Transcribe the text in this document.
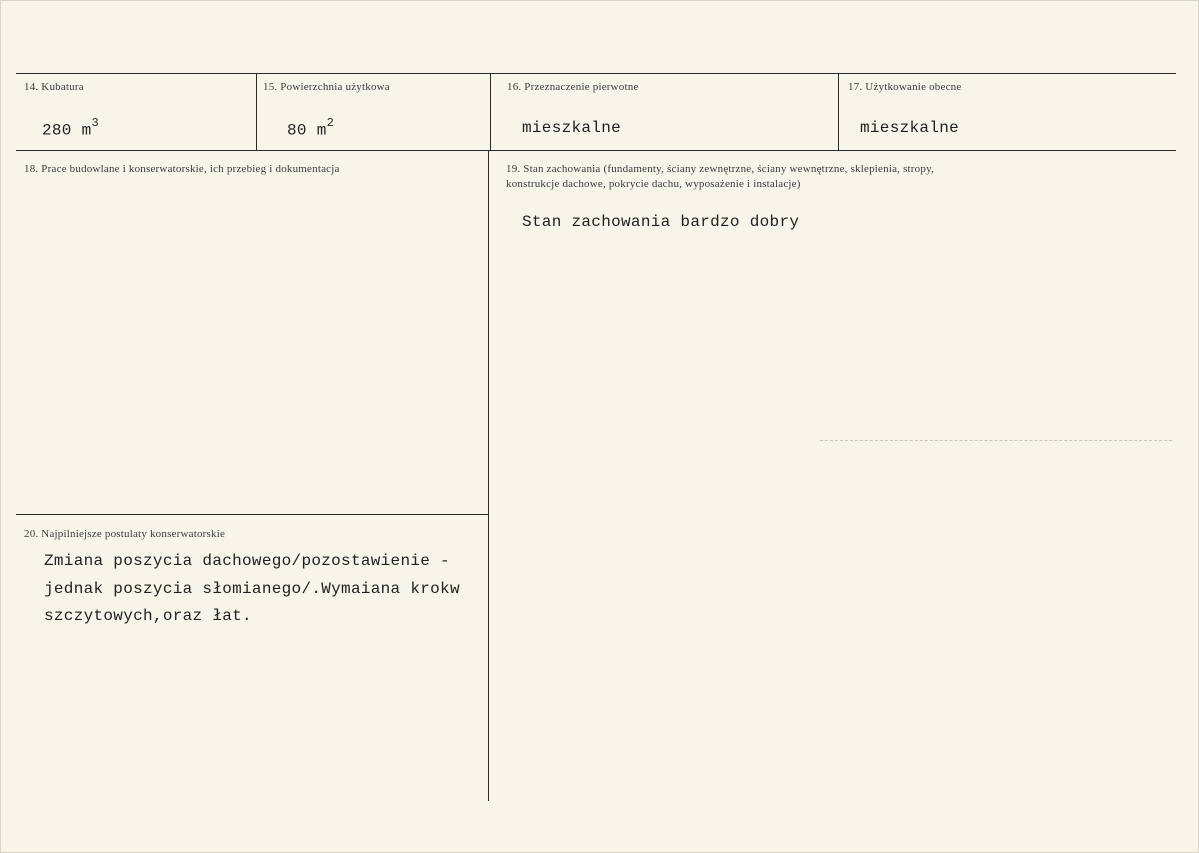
14. Kubatura
280 $m^3$
15. Powierzchnia użytkowa
80 $m^2$
16. Przeznaczenie pierwotne
mieszkalne
17. Użytkowanie obecne
mieszkalne
18. Prace budowlane i konserwatorskie, ich przebieg i dokumentacja	19. Stan zachowania (fundamenty, ściany zewnętrzne, ściany wewnętrzne, sklepienia, stropy,
konstrukcje dachowe, pokrycie dachu, wyposażenie i instalacje)
Stan zachowania bardzo dobry
20. Najpilniejsze postulaty konserwatorskie
Zmiana poszycia dachowego/pozostawienie -
jednak poszycia słomianego/.Wymaiana krokw
szczytowych,oraz łat.
